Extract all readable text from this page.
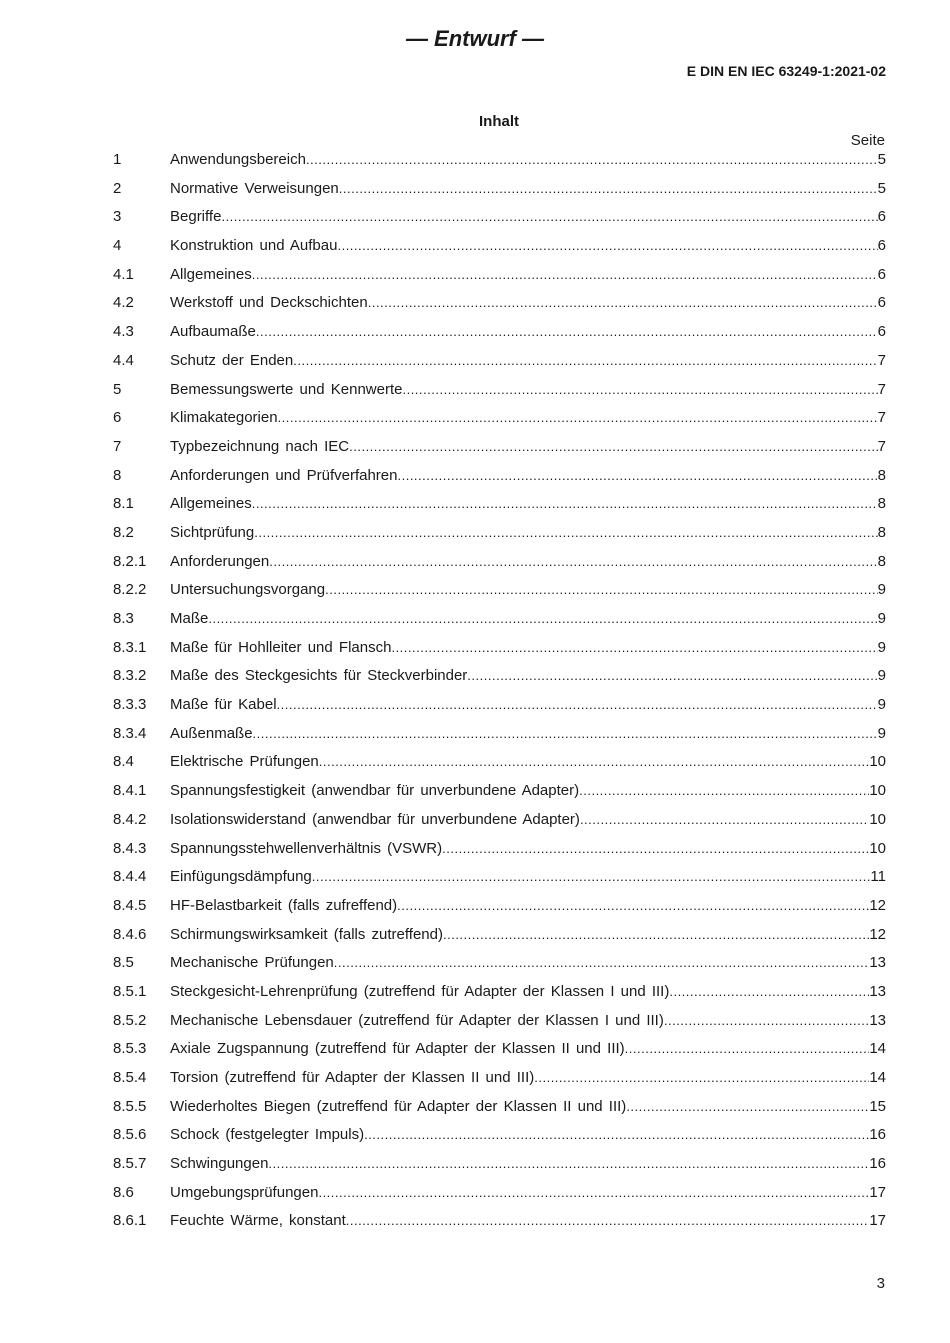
— Entwurf —
E DIN EN IEC 63249-1:2021-02
Inhalt
Seite
1	Anwendungsbereich .....	5
2	Normative Verweisungen .....	5
3	Begriffe .....	6
4	Konstruktion und Aufbau .....	6
4.1	Allgemeines .....	6
4.2	Werkstoff und Deckschichten .....	6
4.3	Aufbaumaße .....	6
4.4	Schutz der Enden .....	7
5	Bemessungswerte und Kennwerte .....	7
6	Klimakategorien .....	7
7	Typbezeichnung nach IEC .....	7
8	Anforderungen und Prüfverfahren .....	8
8.1	Allgemeines .....	8
8.2	Sichtprüfung .....	8
8.2.1	Anforderungen .....	8
8.2.2	Untersuchungsvorgang .....	9
8.3	Maße .....	9
8.3.1	Maße für Hohlleiter und Flansch .....	9
8.3.2	Maße des Steckgesichts für Steckverbinder .....	9
8.3.3	Maße für Kabel .....	9
8.3.4	Außenmaße .....	9
8.4	Elektrische Prüfungen .....	10
8.4.1	Spannungsfestigkeit (anwendbar für unverbundene Adapter) .....	10
8.4.2	Isolationswiderstand (anwendbar für unverbundene Adapter) .....	10
8.4.3	Spannungsstehwellenverhältnis (VSWR) .....	10
8.4.4	Einfügungsdämpfung .....	11
8.4.5	HF-Belastbarkeit (falls zufreffend) .....	12
8.4.6	Schirmungswirksamkeit (falls zutreffend) .....	12
8.5	Mechanische Prüfungen .....	13
8.5.1	Steckgesicht-Lehrenprüfung (zutreffend für Adapter der Klassen I und III) .....	13
8.5.2	Mechanische Lebensdauer (zutreffend für Adapter der Klassen I und III) .....	13
8.5.3	Axiale Zugspannung (zutreffend für Adapter der Klassen II und III) .....	14
8.5.4	Torsion (zutreffend für Adapter der Klassen II und III) .....	14
8.5.5	Wiederholtes Biegen (zutreffend für Adapter der Klassen II und III) .....	15
8.5.6	Schock (festgelegter Impuls) .....	16
8.5.7	Schwingungen .....	16
8.6	Umgebungsprüfungen .....	17
8.6.1	Feuchte Wärme, konstant .....	17
3
